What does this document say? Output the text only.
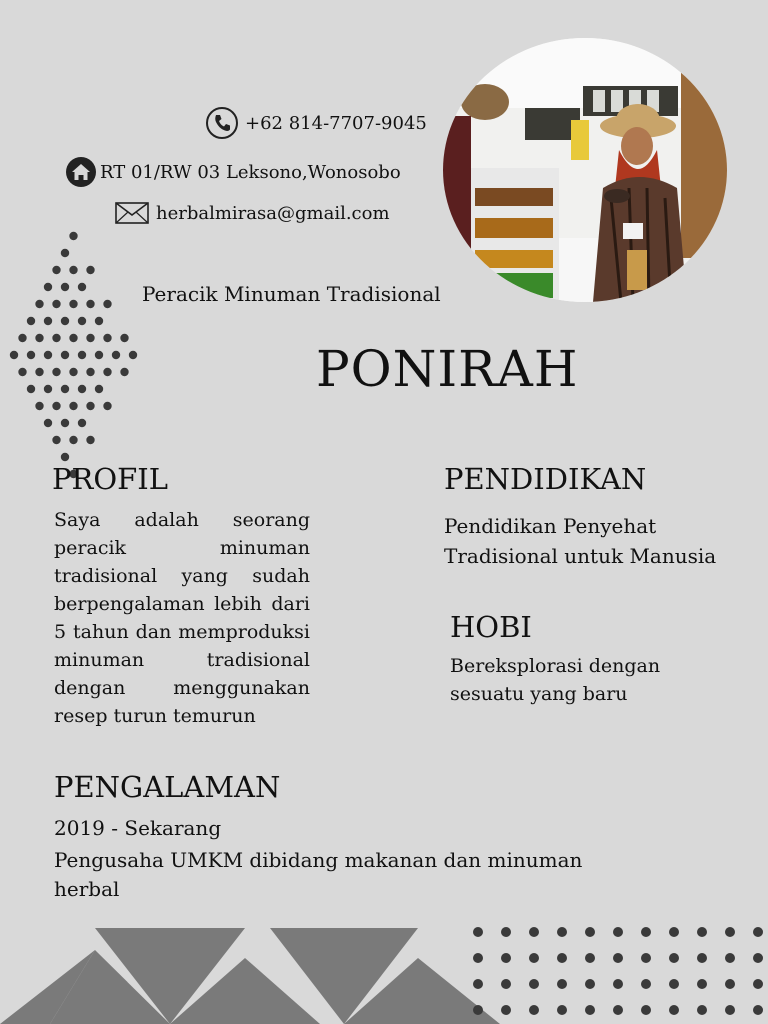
+62 814-7707-9045
RT 01/RW 03 Leksono,Wonosobo
herbalmirasa@gmail.com
Peracik Minuman Tradisional
PONIRAH
PROFIL
Saya adalah seorang peracik minuman tradisional yang sudah berpengalaman lebih dari 5 tahun dan memproduksi minuman tradisional dengan menggunakan resep turun temurun
PENDIDIKAN
Pendidikan Penyehat Tradisional untuk Manusia
HOBI
Bereksplorasi dengan sesuatu yang baru
PENGALAMAN
2019 - Sekarang
Pengusaha UMKM dibidang makanan dan minuman herbal
